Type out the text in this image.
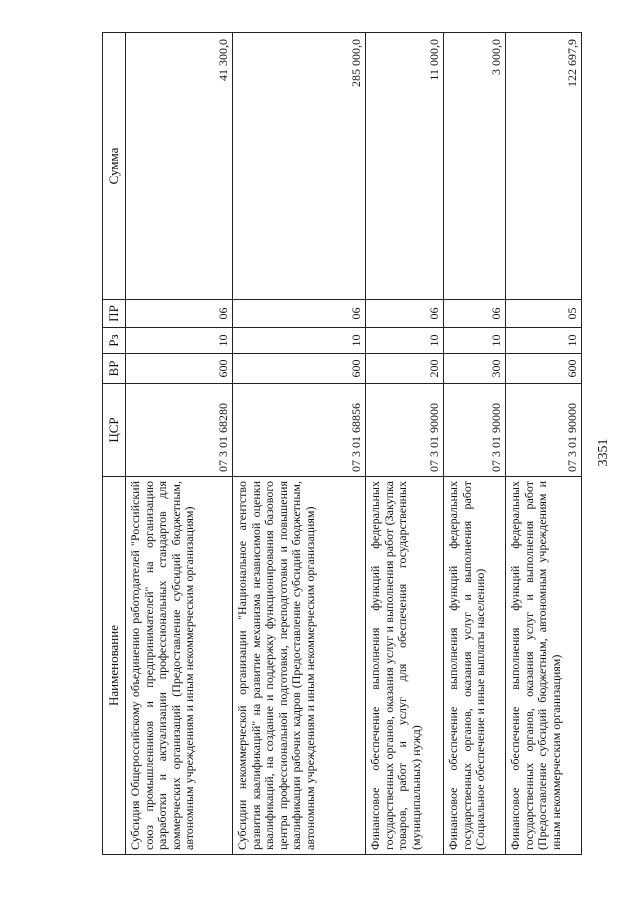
3351
Наименование	ЦСР	ВР	Рз	ПР	Сумма
Субсидия Общероссийскому объединению работодателей "Российский союз промышленников и предпринимателей" на организацию разработки и актуализации профессиональных стандартов для коммерческих организаций (Предоставление субсидий бюджетным, автономным учреждениям и иным некоммерческим организациям)	07 3 01 68280	600	10	06	41 300,0
Субсидии некоммерческой организации "Национальное агентство развития квалификаций" на развитие механизма независимой оценки квалификаций, на создание и поддержку функционирования базового центра профессиональной подготовки, переподготовки и повышения квалификации рабочих кадров (Предоставление субсидий бюджетным, автономным учреждениям и иным некоммерческим организациям)	07 3 01 68856	600	10	06	285 000,0
Финансовое обеспечение выполнения функций федеральных государственных органов, оказания услуг и выполнения работ (Закупка товаров, работ и услуг для обеспечения государственных (муниципальных) нужд)	07 3 01 90000	200	10	06	11 000,0
Финансовое обеспечение выполнения функций федеральных государственных органов, оказания услуг и выполнения работ (Социальное обеспечение и иные выплаты населению)	07 3 01 90000	300	10	06	3 000,0
Финансовое обеспечение выполнения функций федеральных государственных органов, оказания услуг и выполнения работ (Предоставление субсидий бюджетным, автономным учреждениям и иным некоммерческим организациям)	07 3 01 90000	600	10	05	122 697,9
